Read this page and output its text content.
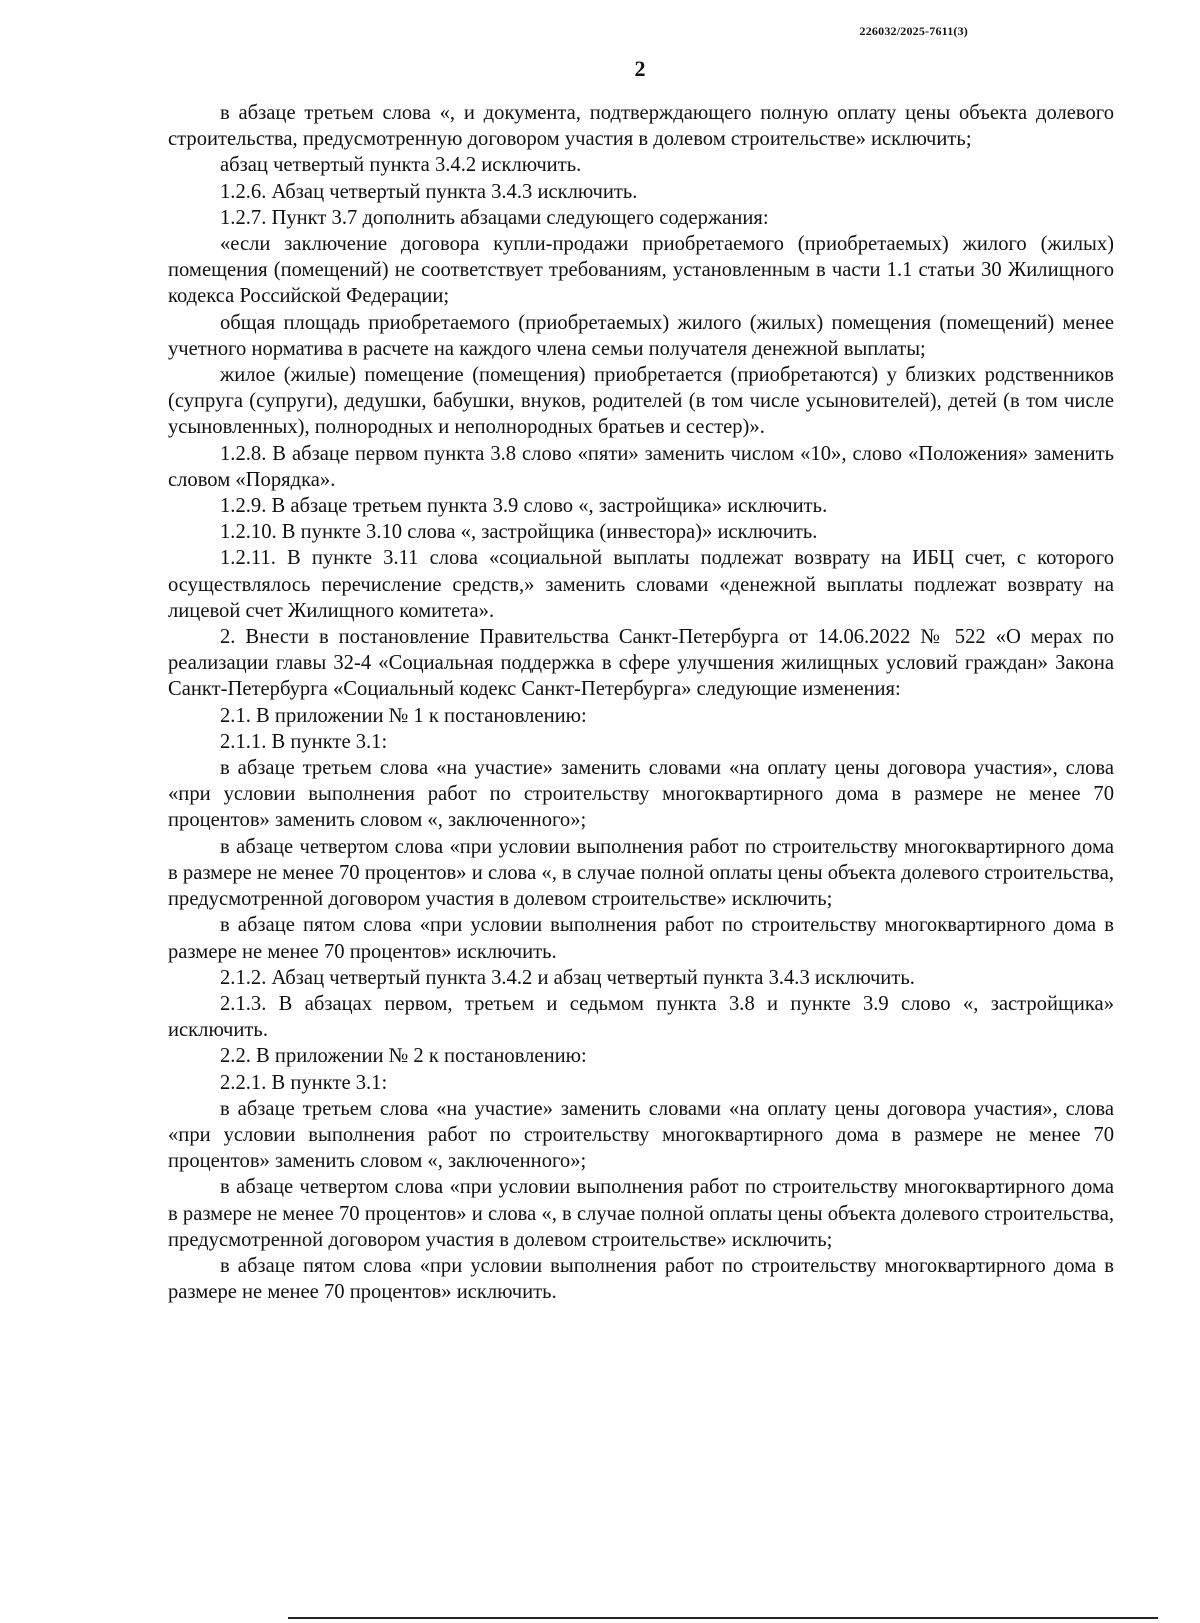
226032/2025-7611(3)
2

в абзаце третьем слова «, и документа, подтверждающего полную оплату цены объекта долевого строительства, предусмотренную договором участия в долевом строительстве» исключить;

абзац четвертый пункта 3.4.2 исключить.

1.2.6. Абзац четвертый пункта 3.4.3 исключить.

1.2.7. Пункт 3.7 дополнить абзацами следующего содержания:

«если заключение договора купли-продажи приобретаемого (приобретаемых) жилого (жилых) помещения (помещений) не соответствует требованиям, установленным в части 1.1 статьи 30 Жилищного кодекса Российской Федерации;

общая площадь приобретаемого (приобретаемых) жилого (жилых) помещения (помещений) менее учетного норматива в расчете на каждого члена семьи получателя денежной выплаты;

жилое (жилые) помещение (помещения) приобретается (приобретаются) у близких родственников (супруга (супруги), дедушки, бабушки, внуков, родителей (в том числе усыновителей), детей (в том числе усыновленных), полнородных и неполнородных братьев и сестер)».

1.2.8. В абзаце первом пункта 3.8 слово «пяти» заменить числом «10», слово «Положения» заменить словом «Порядка».

1.2.9. В абзаце третьем пункта 3.9 слово «, застройщика» исключить.

1.2.10. В пункте 3.10 слова «, застройщика (инвестора)» исключить.

1.2.11. В пункте 3.11 слова «социальной выплаты подлежат возврату на ИБЦ счет, с которого осуществлялось перечисление средств,» заменить словами «денежной выплаты подлежат возврату на лицевой счет Жилищного комитета».

2. Внести в постановление Правительства Санкт-Петербурга от 14.06.2022 № 522 «О мерах по реализации главы 32-4 «Социальная поддержка в сфере улучшения жилищных условий граждан» Закона Санкт-Петербурга «Социальный кодекс Санкт-Петербурга» следующие изменения:

2.1. В приложении № 1 к постановлению:

2.1.1. В пункте 3.1:

в абзаце третьем слова «на участие» заменить словами «на оплату цены договора участия», слова «при условии выполнения работ по строительству многоквартирного дома в размере не менее 70 процентов» заменить словом «, заключенного»;

в абзаце четвертом слова «при условии выполнения работ по строительству многоквартирного дома в размере не менее 70 процентов» и слова «, в случае полной оплаты цены объекта долевого строительства, предусмотренной договором участия в долевом строительстве» исключить;

в абзаце пятом слова «при условии выполнения работ по строительству многоквартирного дома в размере не менее 70 процентов» исключить.

2.1.2. Абзац четвертый пункта 3.4.2 и абзац четвертый пункта 3.4.3 исключить.

2.1.3. В абзацах первом, третьем и седьмом пункта 3.8 и пункте 3.9 слово «, застройщика» исключить.

2.2. В приложении № 2 к постановлению:

2.2.1. В пункте 3.1:

в абзаце третьем слова «на участие» заменить словами «на оплату цены договора участия», слова «при условии выполнения работ по строительству многоквартирного дома в размере не менее 70 процентов» заменить словом «, заключенного»;

в абзаце четвертом слова «при условии выполнения работ по строительству многоквартирного дома в размере не менее 70 процентов» и слова «, в случае полной оплаты цены объекта долевого строительства, предусмотренной договором участия в долевом строительстве» исключить;

в абзаце пятом слова «при условии выполнения работ по строительству многоквартирного дома в размере не менее 70 процентов» исключить.
